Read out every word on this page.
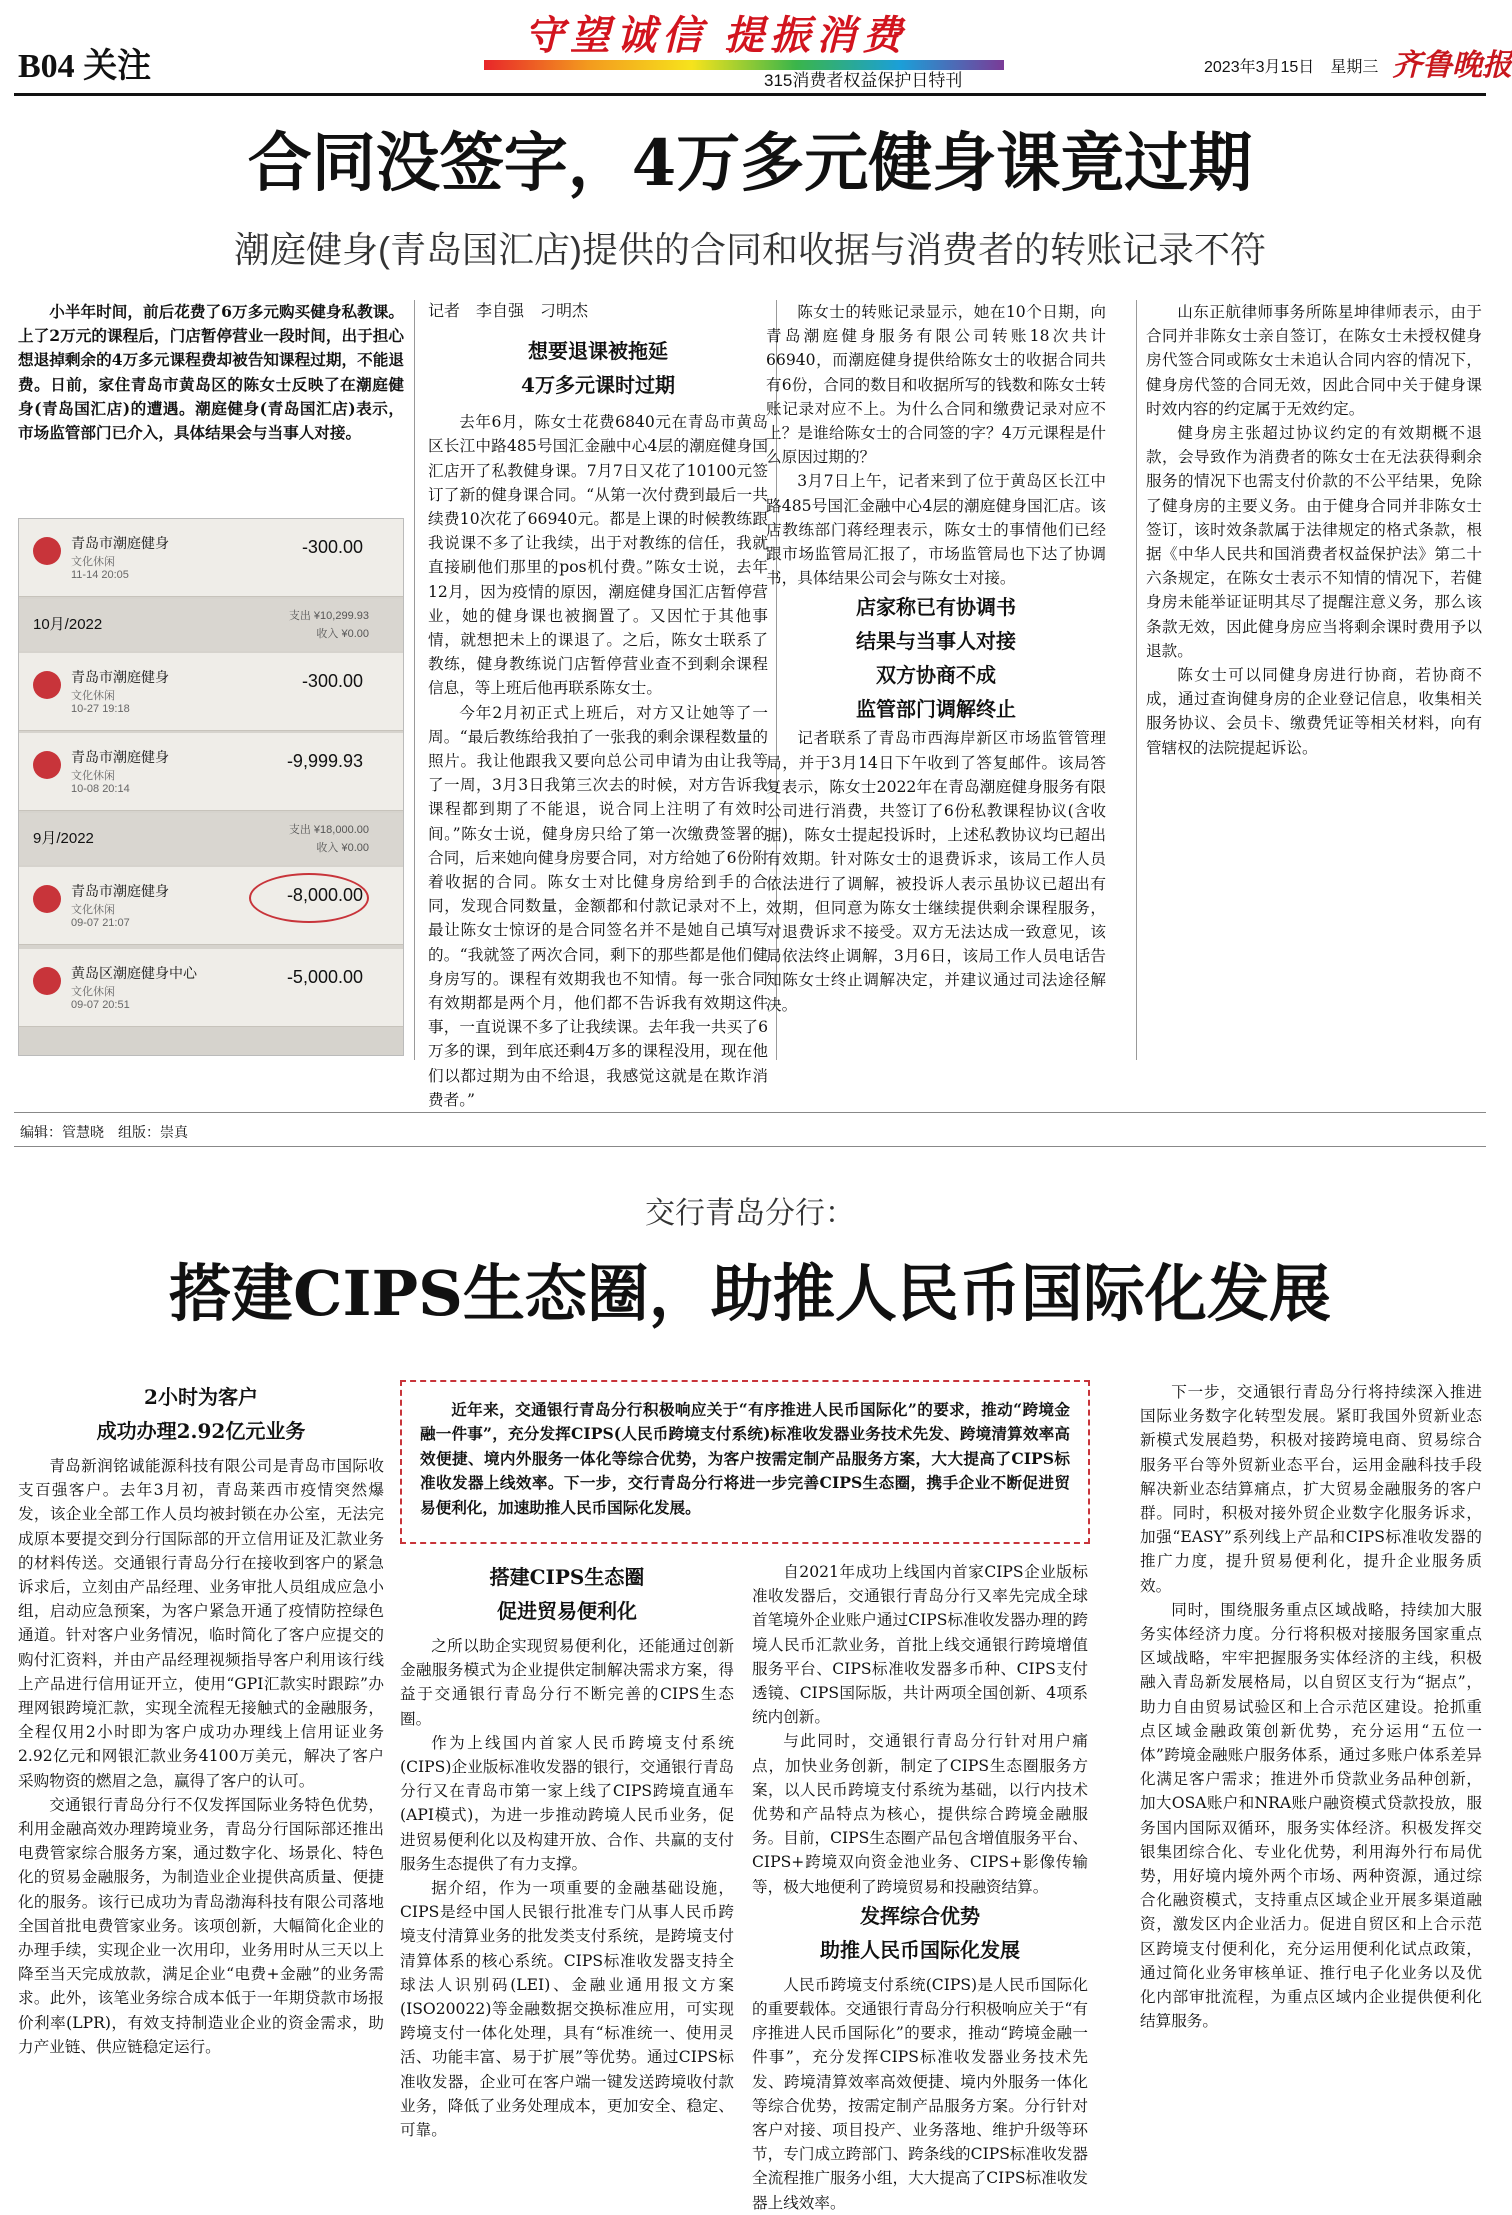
B04 关注
守望诚信 提振消费
315消费者权益保护日特刊
2023年3月15日　 星期三 齐鲁晚报
合同没签字，4万多元健身课竟过期
潮庭健身(青岛国汇店)提供的合同和收据与消费者的转账记录不符

小半年时间，前后花费了6万多元购买健身私教课。上了2万元的课程后，门店暂停营业一段时间，出于担心想退掉剩余的4万多元课程费却被告知课程过期，不能退费。日前，家住青岛市黄岛区的陈女士反映了在潮庭健身(青岛国汇店)的遭遇。潮庭健身(青岛国汇店)表示，市场监管部门已介入，具体结果会与当事人对接。

青岛市潮庭健身
文化休闲
11-14 20:05
-300.00
10月/2022	支出 ¥10,299.93
收入 ¥0.00
青岛市潮庭健身
文化休闲
10-27 19:18
-300.00
青岛市潮庭健身
文化休闲
10-08 20:14
-9,999.93
9月/2022	支出 ¥18,000.00
收入 ¥0.00
青岛市潮庭健身
文化休闲
09-07 21:07
-8,000.00
黄岛区潮庭健身中心
文化休闲
09-07 20:51
-5,000.00
记者　李自强　刁明杰
想要退课被拖延
4万多元课时过期

去年6月，陈女士花费6840元在青岛市黄岛区长江中路485号国汇金融中心4层的潮庭健身国汇店开了私教健身课。7月7日又花了10100元签订了新的健身课合同。“从第一次付费到最后一共续费10次花了66940元。都是上课的时候教练跟我说课不多了让我续，出于对教练的信任，我就直接刷他们那里的pos机付费。”陈女士说，去年12月，因为疫情的原因，潮庭健身国汇店暂停营业，她的健身课也被搁置了。又因忙于其他事情，就想把未上的课退了。之后，陈女士联系了教练，健身教练说门店暂停营业查不到剩余课程信息，等上班后他再联系陈女士。

今年2月初正式上班后，对方又让她等了一周。“最后教练给我拍了一张我的剩余课程数量的照片。我让他跟我又要向总公司申请为由让我等了一周，3月3日我第三次去的时候，对方告诉我课程都到期了不能退，说合同上注明了有效时间。”陈女士说，健身房只给了第一次缴费签署的合同，后来她向健身房要合同，对方给她了6份附着收据的合同。陈女士对比健身房给到手的合同，发现合同数量，金额都和付款记录对不上，最让陈女士惊讶的是合同签名并不是她自己填写的。“我就签了两次合同，剩下的那些都是他们健身房写的。课程有效期我也不知情。每一张合同有效期都是两个月，他们都不告诉我有效期这件事，一直说课不多了让我续课。去年我一共买了6万多的课，到年底还剩4万多的课程没用，现在他们以都过期为由不给退，我感觉这就是在欺诈消费者。”

陈女士的转账记录显示，她在10个日期，向青岛潮庭健身服务有限公司转账18次共计66940，而潮庭健身提供给陈女士的收据合同共有6份，合同的数目和收据所写的钱数和陈女士转账记录对应不上。为什么合同和缴费记录对应不上？是谁给陈女士的合同签的字？4万元课程是什么原因过期的？

3月7日上午，记者来到了位于黄岛区长江中路485号国汇金融中心4层的潮庭健身国汇店。该店教练部门蒋经理表示，陈女士的事情他们已经跟市场监管局汇报了，市场监管局也下达了协调书，具体结果公司会与陈女士对接。

店家称已有协调书
结果与当事人对接
双方协商不成
监管部门调解终止

记者联系了青岛市西海岸新区市场监管管理局，并于3月14日下午收到了答复邮件。该局答复表示，陈女士2022年在青岛潮庭健身服务有限公司进行消费，共签订了6份私教课程协议(含收据)，陈女士提起投诉时，上述私教协议均已超出有效期。针对陈女士的退费诉求，该局工作人员依法进行了调解，被投诉人表示虽协议已超出有效期，但同意为陈女士继续提供剩余课程服务，对退费诉求不接受。双方无法达成一致意见，该局依法终止调解，3月6日，该局工作人员电话告知陈女士终止调解决定，并建议通过司法途径解决。

山东正航律师事务所陈星坤律师表示，由于合同并非陈女士亲自签订，在陈女士未授权健身房代签合同或陈女士未追认合同内容的情况下，健身房代签的合同无效，因此合同中关于健身课时效内容的约定属于无效约定。

健身房主张超过协议约定的有效期概不退款，会导致作为消费者的陈女士在无法获得剩余服务的情况下也需支付价款的不公平结果，免除了健身房的主要义务。由于健身合同并非陈女士签订，该时效条款属于法律规定的格式条款，根据《中华人民共和国消费者权益保护法》第二十六条规定，在陈女士表示不知情的情况下，若健身房未能举证证明其尽了提醒注意义务，那么该条款无效，因此健身房应当将剩余课时费用予以退款。

陈女士可以同健身房进行协商，若协商不成，通过查询健身房的企业登记信息，收集相关服务协议、会员卡、缴费凭证等相关材料，向有管辖权的法院提起诉讼。

编辑：管慧晓　组版：崇真
交行青岛分行：
搭建CIPS生态圈，助推人民币国际化发展
2小时为客户
成功办理2.92亿元业务

青岛新润铭诚能源科技有限公司是青岛市国际收支百强客户。去年3月初，青岛莱西市疫情突然爆发，该企业全部工作人员均被封锁在办公室，无法完成原本要提交到分行国际部的开立信用证及汇款业务的材料传送。交通银行青岛分行在接收到客户的紧急诉求后，立刻由产品经理、业务审批人员组成应急小组，启动应急预案，为客户紧急开通了疫情防控绿色通道。针对客户业务情况，临时简化了客户应提交的购付汇资料，并由产品经理视频指导客户利用该行线上产品进行信用证开立，使用“GPI汇款实时跟踪”办理网银跨境汇款，实现全流程无接触式的金融服务，全程仅用2小时即为客户成功办理线上信用证业务2.92亿元和网银汇款业务4100万美元，解决了客户采购物资的燃眉之急，赢得了客户的认可。

交通银行青岛分行不仅发挥国际业务特色优势，利用金融高效办理跨境业务，青岛分行国际部还推出电费管家综合服务方案，通过数字化、场景化、特色化的贸易金融服务，为制造业企业提供高质量、便捷化的服务。该行已成功为青岛渤海科技有限公司落地全国首批电费管家业务。该项创新，大幅简化企业的办理手续，实现企业一次用印，业务用时从三天以上降至当天完成放款，满足企业“电费+金融”的业务需求。此外，该笔业务综合成本低于一年期贷款市场报价利率(LPR)，有效支持制造业企业的资金需求，助力产业链、供应链稳定运行。

近年来，交通银行青岛分行积极响应关于“有序推进人民币国际化”的要求，推动“跨境金融一件事”，充分发挥CIPS(人民币跨境支付系统)标准收发器业务技术先发、跨境清算效率高效便捷、境内外服务一体化等综合优势，为客户按需定制产品服务方案，大大提高了CIPS标准收发器上线效率。下一步，交行青岛分行将进一步完善CIPS生态圈，携手企业不断促进贸易便利化，加速助推人民币国际化发展。

搭建CIPS生态圈
促进贸易便利化

之所以助企实现贸易便利化，还能通过创新金融服务模式为企业提供定制解决需求方案，得益于交通银行青岛分行不断完善的CIPS生态圈。

作为上线国内首家人民币跨境支付系统(CIPS)企业版标准收发器的银行，交通银行青岛分行又在青岛市第一家上线了CIPS跨境直通车(API模式)，为进一步推动跨境人民币业务，促进贸易便利化以及构建开放、合作、共赢的支付服务生态提供了有力支撑。

据介绍，作为一项重要的金融基础设施，CIPS是经中国人民银行批准专门从事人民币跨境支付清算业务的批发类支付系统，是跨境支付清算体系的核心系统。CIPS标准收发器支持全球法人识别码(LEI)、金融业通用报文方案(ISO20022)等金融数据交换标准应用，可实现跨境支付一体化处理，具有“标准统一、使用灵活、功能丰富、易于扩展”等优势。通过CIPS标准收发器，企业可在客户端一键发送跨境收付款业务，降低了业务处理成本，更加安全、稳定、可靠。

自2021年成功上线国内首家CIPS企业版标准收发器后，交通银行青岛分行又率先完成全球首笔境外企业账户通过CIPS标准收发器办理的跨境人民币汇款业务，首批上线交通银行跨境增值服务平台、CIPS标准收发器多币种、CIPS支付透镜、CIPS国际版，共计两项全国创新、4项系统内创新。

与此同时，交通银行青岛分行针对用户痛点，加快业务创新，制定了CIPS生态圈服务方案，以人民币跨境支付系统为基础，以行内技术优势和产品特点为核心，提供综合跨境金融服务。目前，CIPS生态圈产品包含增值服务平台、CIPS+跨境双向资金池业务、CIPS+影像传输等，极大地便利了跨境贸易和投融资结算。

发挥综合优势
助推人民币国际化发展

人民币跨境支付系统(CIPS)是人民币国际化的重要载体。交通银行青岛分行积极响应关于“有序推进人民币国际化”的要求，推动“跨境金融一件事”，充分发挥CIPS标准收发器业务技术先发、跨境清算效率高效便捷、境内外服务一体化等综合优势，按需定制产品服务方案。分行针对客户对接、项目投产、业务落地、维护升级等环节，专门成立跨部门、跨条线的CIPS标准收发器全流程推广服务小组，大大提高了CIPS标准收发器上线效率。

下一步，交通银行青岛分行将持续深入推进国际业务数字化转型发展。紧盯我国外贸新业态新模式发展趋势，积极对接跨境电商、贸易综合服务平台等外贸新业态平台，运用金融科技手段解决新业态结算痛点，扩大贸易金融服务的客户群。同时，积极对接外贸企业数字化服务诉求，加强“EASY”系列线上产品和CIPS标准收发器的推广力度，提升贸易便利化，提升企业服务质效。

同时，围绕服务重点区域战略，持续加大服务实体经济力度。分行将积极对接服务国家重点区域战略，牢牢把握服务实体经济的主线，积极融入青岛新发展格局，以自贸区支行为“据点”，助力自由贸易试验区和上合示范区建设。抢抓重点区域金融政策创新优势，充分运用“五位一体”跨境金融账户服务体系，通过多账户体系差异化满足客户需求；推进外币贷款业务品种创新，加大OSA账户和NRA账户融资模式贷款投放，服务国内国际双循环，服务实体经济。积极发挥交银集团综合化、专业化优势，利用海外行布局优势，用好境内境外两个市场、两种资源，通过综合化融资模式，支持重点区域企业开展多渠道融资，激发区内企业活力。促进自贸区和上合示范区跨境支付便利化，充分运用便利化试点政策，通过简化业务审核单证、推行电子化业务以及优化内部审批流程，为重点区域内企业提供便利化结算服务。
